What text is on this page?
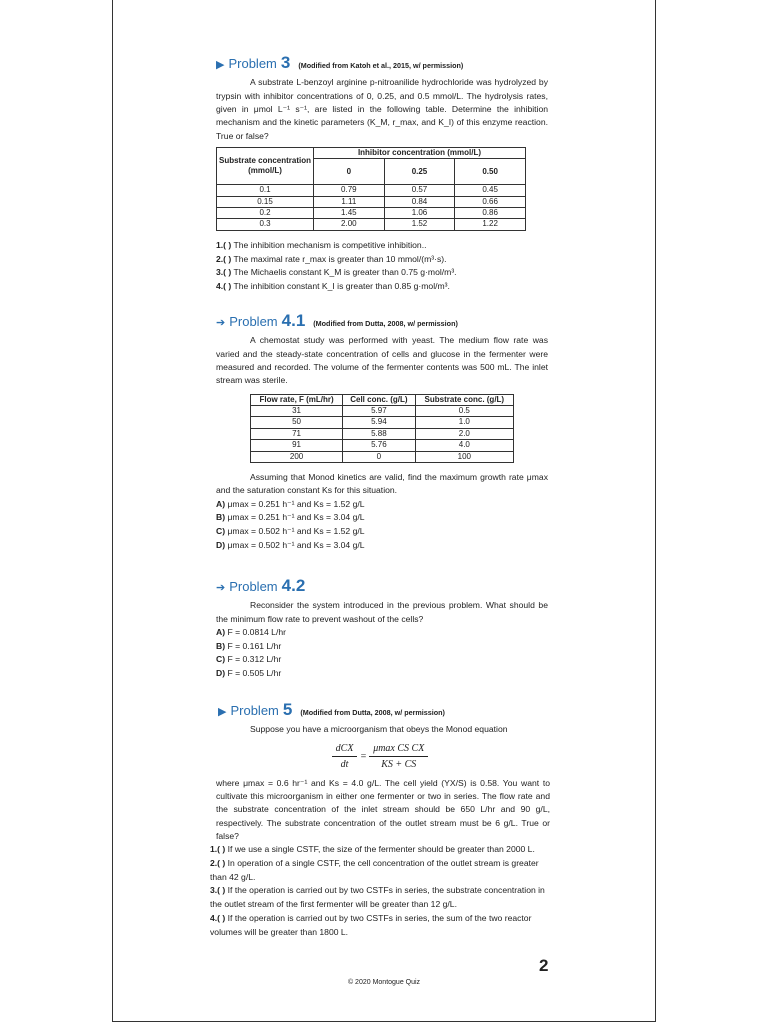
▶ Problem 3 (Modified from Katoh et al., 2015, w/ permission)

A substrate L-benzoyl arginine p-nitroanilide hydrochloride was hydrolyzed by trypsin with inhibitor concentrations of 0, 0.25, and 0.5 mmol/L. The hydrolysis rates, given in μmol L⁻¹ s⁻¹, are listed in the following table. Determine the inhibition mechanism and the kinetic parameters (K_M, r_max, and K_I) of this enzyme reaction. True or false?

Substrate concentration (mmol/L)	Inhibitor concentration (mmol/L)		
	0	0.25	0.50
0.1	0.79	0.57	0.45
0.15	1.11	0.84	0.66
0.2	1.45	1.06	0.86
0.3	2.00	1.52	1.22
1.( ) The inhibition mechanism is competitive inhibition..
2.( ) The maximal rate r_max is greater than 10 mmol/(m³·s).
3.( ) The Michaelis constant K_M is greater than 0.75 g·mol/m³.
4.( ) The inhibition constant K_I is greater than 0.85 g·mol/m³.
➔ Problem 4.1 (Modified from Dutta, 2008, w/ permission)

A chemostat study was performed with yeast. The medium flow rate was varied and the steady-state concentration of cells and glucose in the fermenter were measured and recorded. The volume of the fermenter contents was 500 mL. The inlet stream was sterile.

Flow rate, F (mL/hr)	Cell conc. (g/L)	Substrate conc. (g/L)
31	5.97	0.5
50	5.94	1.0
71	5.88	2.0
91	5.76	4.0
200	0	100

Assuming that Monod kinetics are valid, find the maximum growth rate μmax and the saturation constant Ks for this situation.

A) μmax = 0.251 h⁻¹ and Ks = 1.52 g/L
B) μmax = 0.251 h⁻¹ and Ks = 3.04 g/L
C) μmax = 0.502 h⁻¹ and Ks = 1.52 g/L
D) μmax = 0.502 h⁻¹ and Ks = 3.04 g/L
➔ Problem 4.2

Reconsider the system introduced in the previous problem. What should be the minimum flow rate to prevent washout of the cells?

A) F = 0.0814 L/hr
B) F = 0.161 L/hr
C) F = 0.312 L/hr
D) F = 0.505 L/hr
▶ Problem 5 (Modified from Dutta, 2008, w/ permission)

Suppose you have a microorganism that obeys the Monod equation

$\frac{\text{dCX}}{dt} = \frac{\text{μmax CS CX}}{KS + CS}$

where μmax = 0.6 hr⁻¹ and Ks = 4.0 g/L. The cell yield (YX/S) is 0.58. You want to cultivate this microorganism in either one fermenter or two in series. The flow rate and the substrate concentration of the inlet stream should be 650 L/hr and 90 g/L, respectively. The substrate concentration of the outlet stream must be 6 g/L. True or false?

1.( ) If we use a single CSTF, the size of the fermenter should be greater than 2000 L.
2.( ) In operation of a single CSTF, the cell concentration of the outlet stream is greater than 42 g/L.
3.( ) If the operation is carried out by two CSTFs in series, the substrate concentration in the outlet stream of the first fermenter will be greater than 12 g/L.
4.( ) If the operation is carried out by two CSTFs in series, the sum of the two reactor volumes will be greater than 1800 L.
2
© 2020 Montogue Quiz
